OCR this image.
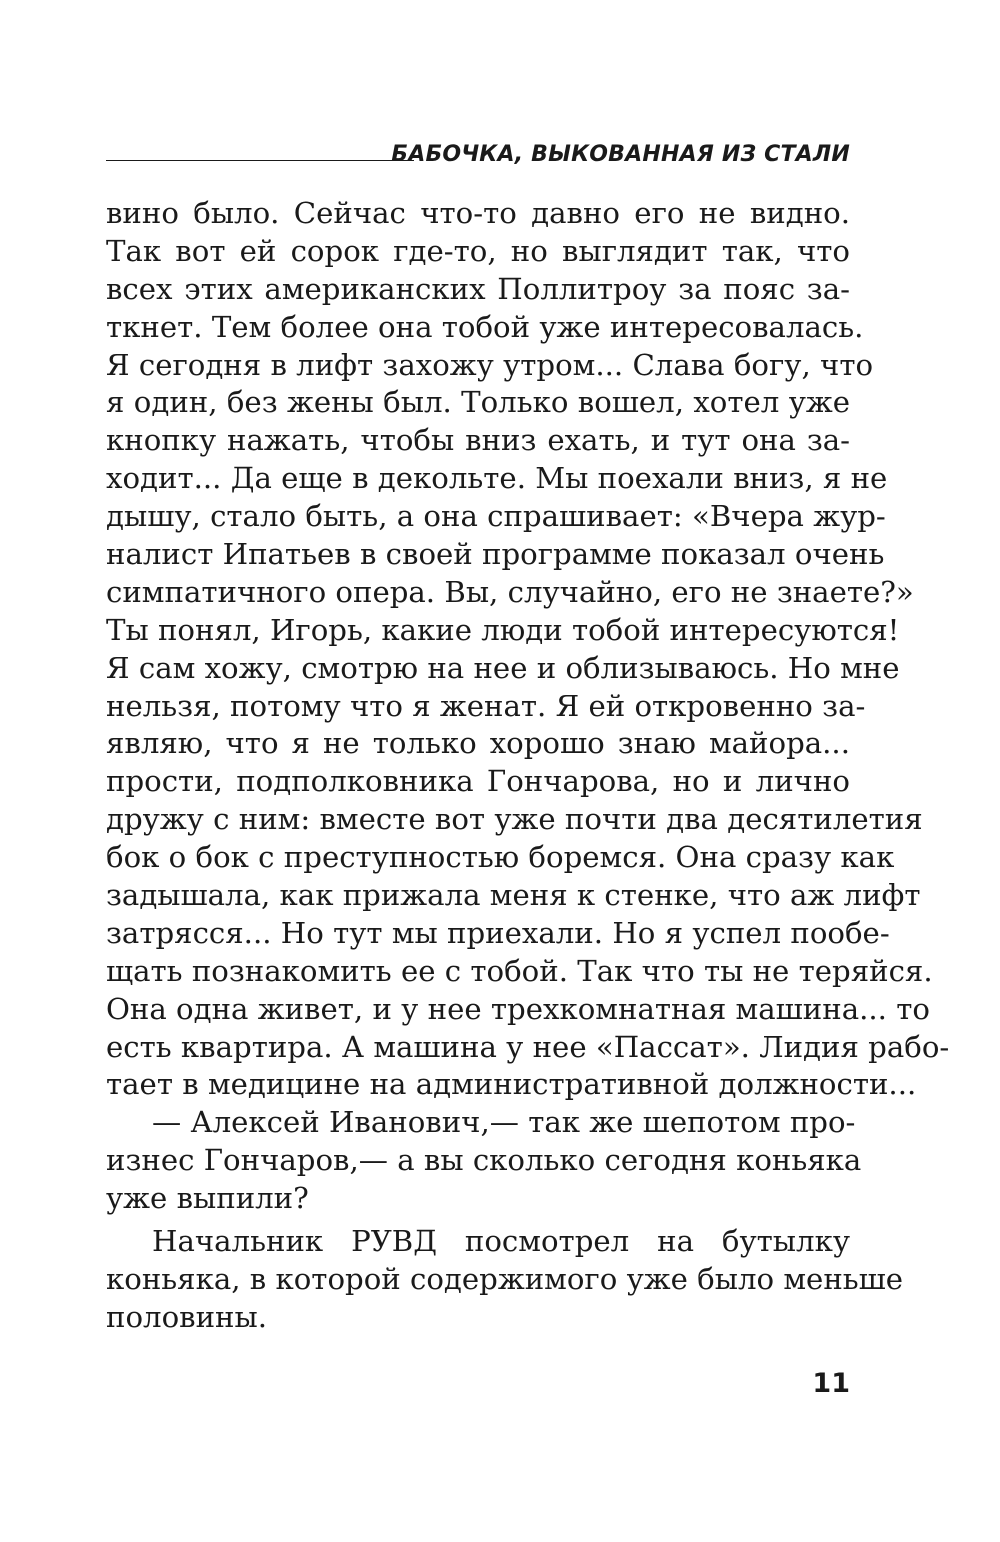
БАБОЧКА, ВЫКОВАННАЯ ИЗ СТАЛИ
вино было. Сейчас что-то давно его не видно.
Так вот ей сорок где-то, но выглядит так, что
всех этих американских Поллитроу за пояс за-
ткнет. Тем более она тобой уже интересовалась.
Я сегодня в лифт захожу утром... Слава богу, что
я один, без жены был. Только вошел, хотел уже
кнопку нажать, чтобы вниз ехать, и тут она за-
ходит... Да еще в декольте. Мы поехали вниз, я не
дышу, стало быть, а она спрашивает: «Вчера жур-
налист Ипатьев в своей программе показал очень
симпатичного опера. Вы, случайно, его не знаете?»
Ты понял, Игорь, какие люди тобой интересуются!
Я сам хожу, смотрю на нее и облизываюсь. Но мне
нельзя, потому что я женат. Я ей откровенно за-
являю, что я не только хорошо знаю майора...
прости, подполковника Гончарова, но и лично
дружу с ним: вместе вот уже почти два десятилетия
бок о бок с преступностью боремся. Она сразу как
задышала, как прижала меня к стенке, что аж лифт
затрясся... Но тут мы приехали. Но я успел пообе-
щать познакомить ее с тобой. Так что ты не теряйся.
Она одна живет, и у нее трехкомнатная машина... то
есть квартира. А машина у нее «Пассат». Лидия рабо-
тает в медицине на административной должности...
— Алексей Иванович,— так же шепотом про-
изнес Гончаров,— а вы сколько сегодня коньяка
уже выпили?
Начальник РУВД посмотрел на бутылку
коньяка, в которой содержимого уже было меньше
половины.
11
